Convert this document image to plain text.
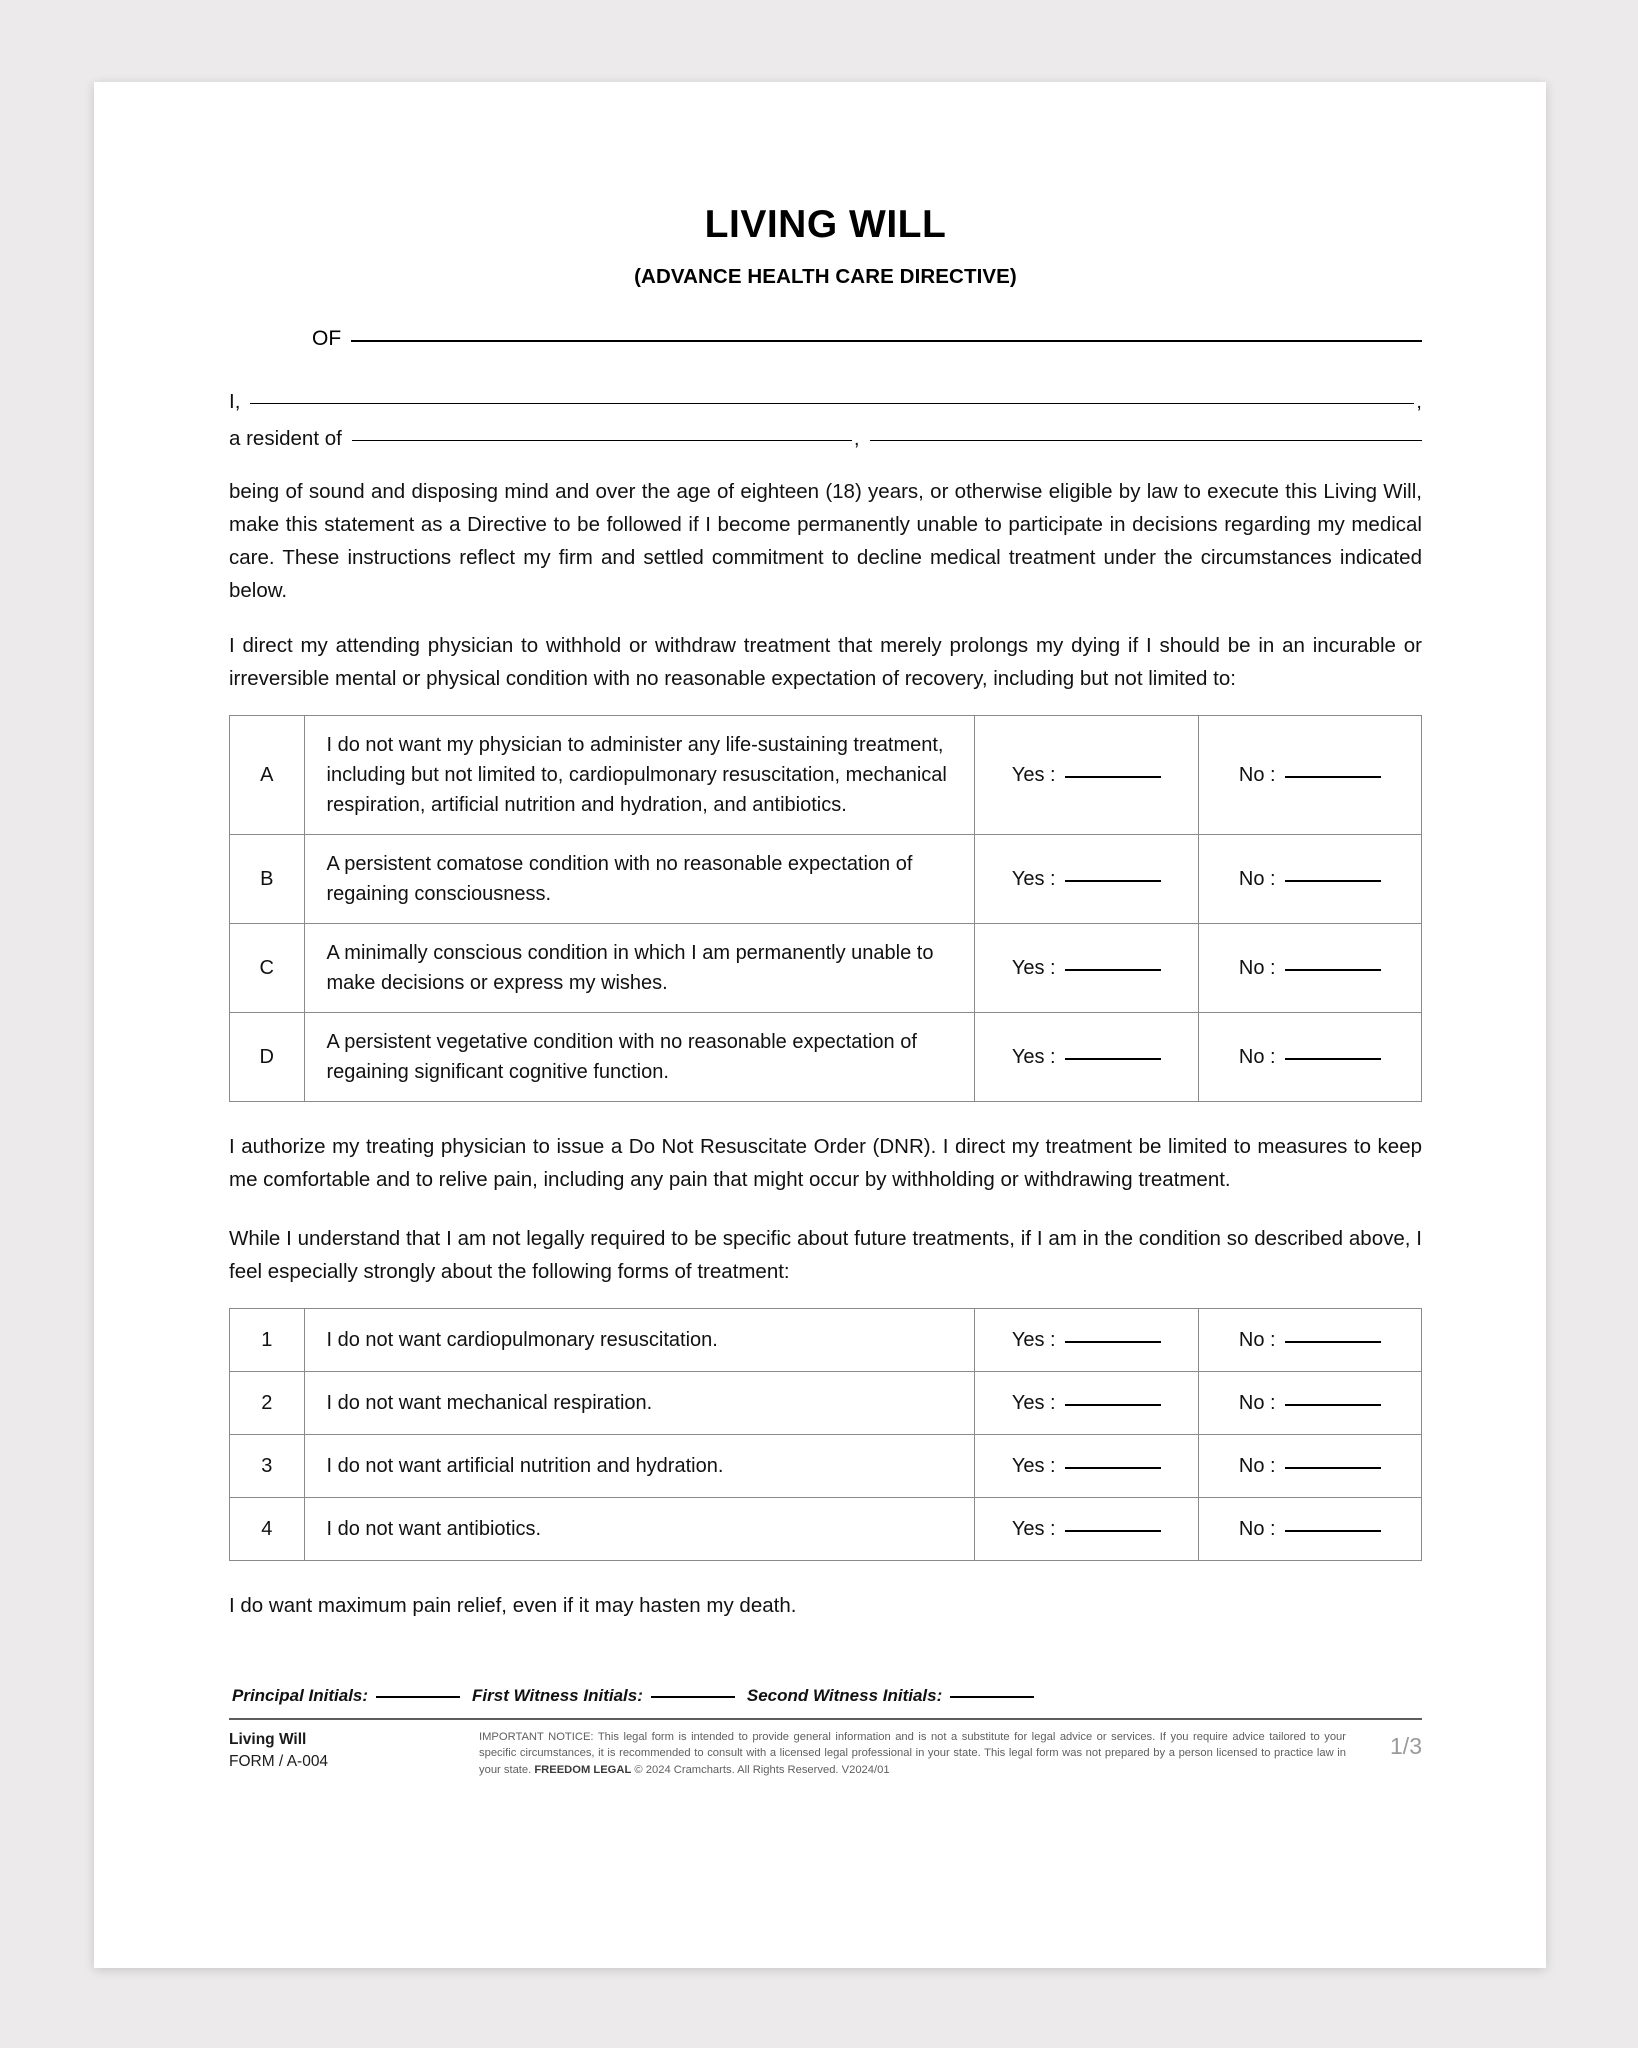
LIVING WILL
(ADVANCE HEALTH CARE DIRECTIVE)
OF
I,	,
a resident of	,

being of sound and disposing mind and over the age of eighteen (18) years, or otherwise eligible by law to execute this Living Will, make this statement as a Directive to be followed if I become permanently unable to participate in decisions regarding my medical care. These instructions reflect my firm and settled commitment to decline medical treatment under the circumstances indicated below.

I direct my attending physician to withhold or withdraw treatment that merely prolongs my dying if I should be in an incurable or irreversible mental or physical condition with no reasonable expectation of recovery, including but not limited to:

A	I do not want my physician to administer any life-sustaining treatment, including but not limited to, cardiopulmonary resuscitation, mechanical respiration, artificial nutrition and hydration, and antibiotics.	Yes :	No :

B	A persistent comatose condition with no reasonable expectation of regaining consciousness.	Yes :	No :

C	A minimally conscious condition in which I am permanently unable to make decisions or express my wishes.	Yes :	No :

D	A persistent vegetative condition with no reasonable expectation of regaining significant cognitive function.	Yes :	No :

I authorize my treating physician to issue a Do Not Resuscitate Order (DNR). I direct my treatment be limited to measures to keep me comfortable and to relive pain, including any pain that might occur by withholding or withdrawing treatment.

While I understand that I am not legally required to be specific about future treatments, if I am in the condition so described above, I feel especially strongly about the following forms of treatment:

1	I do not want cardiopulmonary resuscitation.	Yes :	No :

2	I do not want mechanical respiration.	Yes :	No :

3	I do not want artificial nutrition and hydration.	Yes :	No :

4	I do not want antibiotics.	Yes :	No :

I do want maximum pain relief, even if it may hasten my death.

Principal Initials:	First Witness Initials:	Second Witness Initials:
Living Will
FORM / A-004
IMPORTANT NOTICE: This legal form is intended to provide general information and is not a substitute for legal advice or services. If you require advice tailored to your specific circumstances, it is recommended to consult with a licensed legal professional in your state. This legal form was not prepared by a person licensed to practice law in your state. FREEDOM LEGAL © 2024 Cramcharts. All Rights Reserved. V2024/01
1/3
